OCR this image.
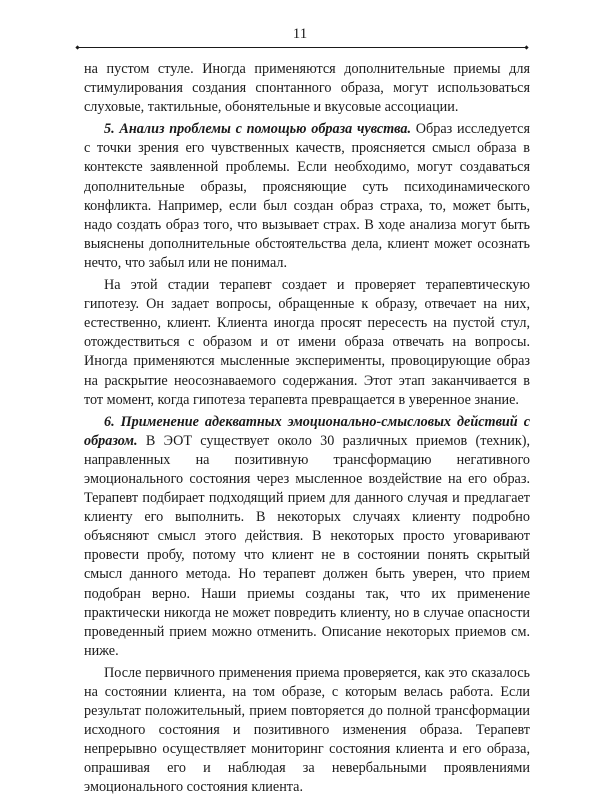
11

на пустом стуле. Иногда применяются дополнительные приемы для стимулирования создания спонтанного образа, могут использоваться слуховые, тактильные, обонятельные и вкусовые ассоциации.

5. Анализ проблемы с помощью образа чувства. Образ исследуется с точки зрения его чувственных качеств, проясняется смысл образа в контексте заявленной проблемы. Если необходимо, могут создаваться дополнительные образы, проясняющие суть психодинамического конфликта. Например, если был создан образ страха, то, может быть, надо создать образ того, что вызывает страх. В ходе анализа могут быть выяснены дополнительные обстоятельства дела, клиент может осознать нечто, что забыл или не понимал.

На этой стадии терапевт создает и проверяет терапевтическую гипотезу. Он задает вопросы, обращенные к образу, отвечает на них, естественно, клиент. Клиента иногда просят пересесть на пустой стул, отождествиться с образом и от имени образа отвечать на вопросы. Иногда применяются мысленные эксперименты, провоцирующие образ на раскрытие неосознаваемого содержания. Этот этап заканчивается в тот момент, когда гипотеза терапевта превращается в уверенное знание.

6. Применение адекватных эмоционально-смысловых действий с образом. В ЭОТ существует около 30 различных приемов (техник), направленных на позитивную трансформацию негативного эмоционального состояния через мысленное воздействие на его образ. Терапевт подбирает подходящий прием для данного случая и предлагает клиенту его выполнить. В некоторых случаях клиенту подробно объясняют смысл этого действия. В некоторых просто уговаривают провести пробу, потому что клиент не в состоянии понять скрытый смысл данного метода. Но терапевт должен быть уверен, что прием подобран верно. Наши приемы созданы так, что их применение практически никогда не может повредить клиенту, но в случае опасности проведенный прием можно отменить. Описание некоторых приемов см. ниже.

После первичного применения приема проверяется, как это сказалось на состоянии клиента, на том образе, с которым велась работа. Если результат положительный, прием повторяется до полной трансформации исходного состояния и позитивного изменения образа. Терапевт непрерывно осуществляет мониторинг состояния клиента и его образа, опрашивая его и наблюдая за невербальными проявлениями эмоционального состояния клиента.
